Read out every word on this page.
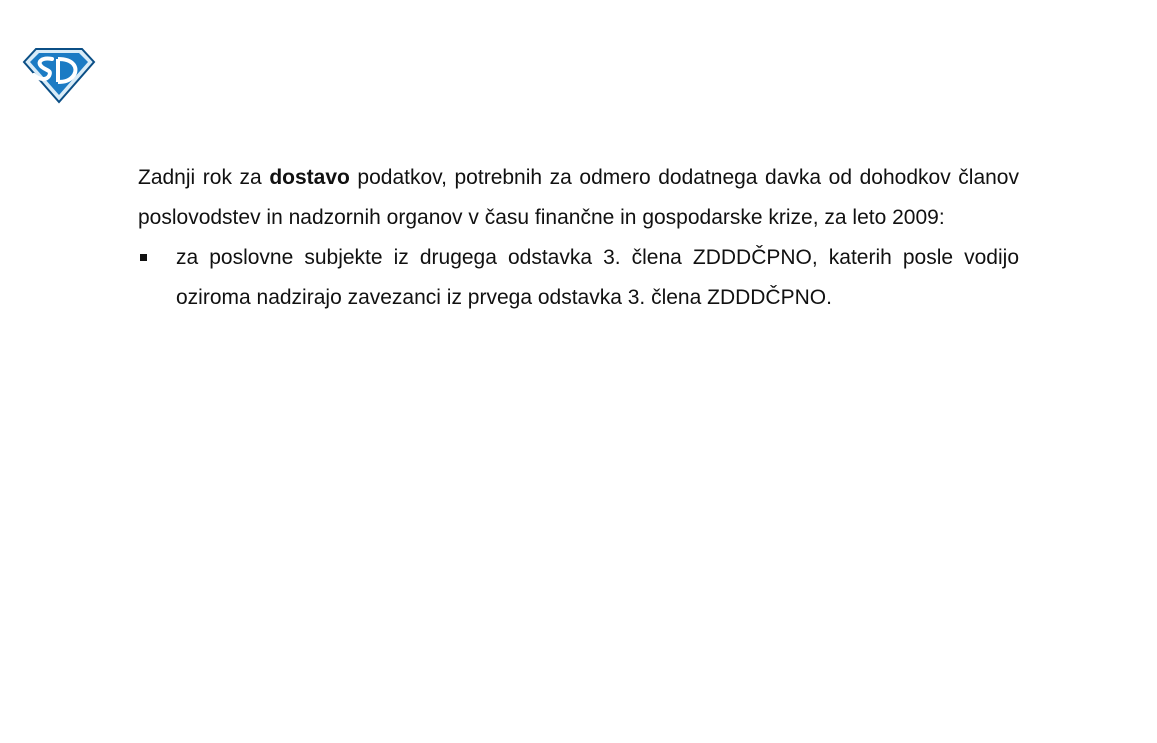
Zadnji rok za dostavo podatkov, potrebnih za odmero dodatnega davka od dohodkov članov poslovodstev in nadzornih organov v času finančne in gospodarske krize, za leto 2009:

za poslovne subjekte iz drugega odstavka 3. člena ZDDDČPNO, katerih posle vodijo oziroma nadzirajo zavezanci iz prvega odstavka 3. člena ZDDDČPNO.
